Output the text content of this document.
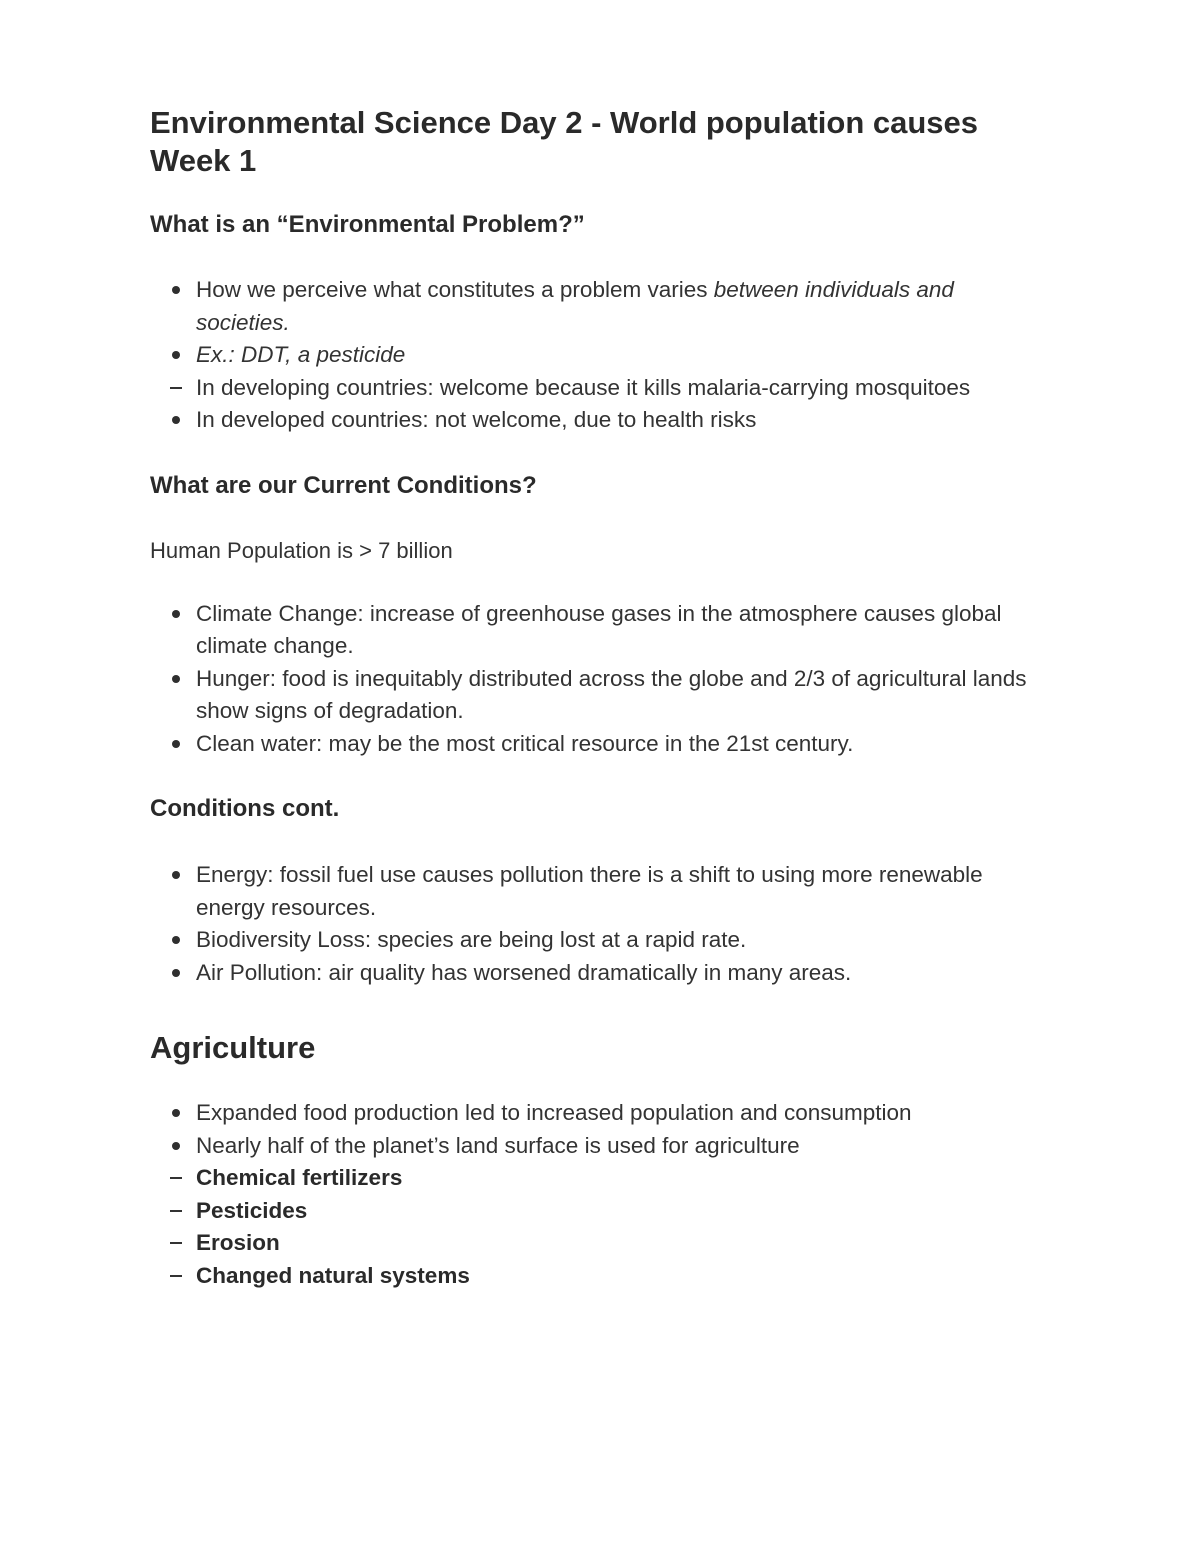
Environmental Science Day 2 - World population causes
Week 1
What is an “Environmental Problem?”
How we perceive what constitutes a problem varies between individuals and societies.
Ex.: DDT, a pesticide
In developing countries: welcome because it kills malaria-carrying mosquitoes
In developed countries: not welcome, due to health risks
What are our Current Conditions?

Human Population is > 7 billion

Climate Change: increase of greenhouse gases in the atmosphere causes global climate change.
Hunger: food is inequitably distributed across the globe and 2/3 of agricultural lands show signs of degradation.
Clean water: may be the most critical resource in the 21st century.
Conditions cont.
Energy: fossil fuel use causes pollution there is a shift to using more renewable energy resources.
Biodiversity Loss: species are being lost at a rapid rate.
Air Pollution: air quality has worsened dramatically in many areas.
Agriculture
Expanded food production led to increased population and consumption
Nearly half of the planet’s land surface is used for agriculture
Chemical fertilizers
Pesticides
Erosion
Changed natural systems
